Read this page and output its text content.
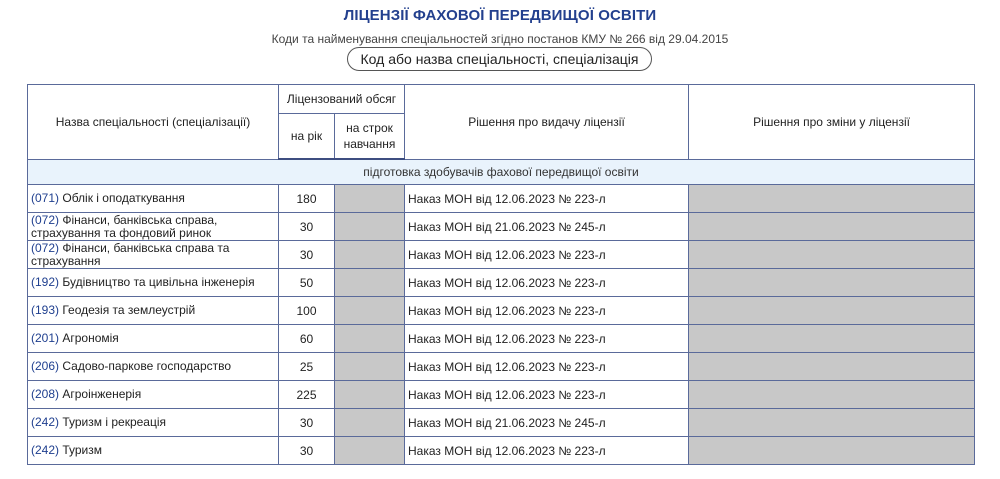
ЛІЦЕНЗІЇ ФАХОВОЇ ПЕРЕДВИЩОЇ ОСВІТИ
Коди та найменування спеціальностей згідно постанов КМУ № 266 від 29.04.2015
Код або назва спеціальності, спеціалізація
Назва спеціальності (спеціалізації)	Ліцензований обсяг		Рішення про видачу ліцензії	Рішення про зміни у ліцензії
	на рік	на строк навчання		
підготовка здобувачів фахової передвищої освіти				
(071) Облік і оподаткування	180		Наказ МОН від 12.06.2023 № 223-л	
(072) Фінанси, банківська справа, страхування та фондовий ринок	30		Наказ МОН від 21.06.2023 № 245-л	
(072) Фінанси, банківська справа та страхування	30		Наказ МОН від 12.06.2023 № 223-л	
(192) Будівництво та цивільна інженерія	50		Наказ МОН від 12.06.2023 № 223-л	
(193) Геодезія та землеустрій	100		Наказ МОН від 12.06.2023 № 223-л	
(201) Агрономія	60		Наказ МОН від 12.06.2023 № 223-л	
(206) Садово-паркове господарство	25		Наказ МОН від 12.06.2023 № 223-л	
(208) Агроінженерія	225		Наказ МОН від 12.06.2023 № 223-л	
(242) Туризм і рекреація	30		Наказ МОН від 21.06.2023 № 245-л	
(242) Туризм	30		Наказ МОН від 12.06.2023 № 223-л	
